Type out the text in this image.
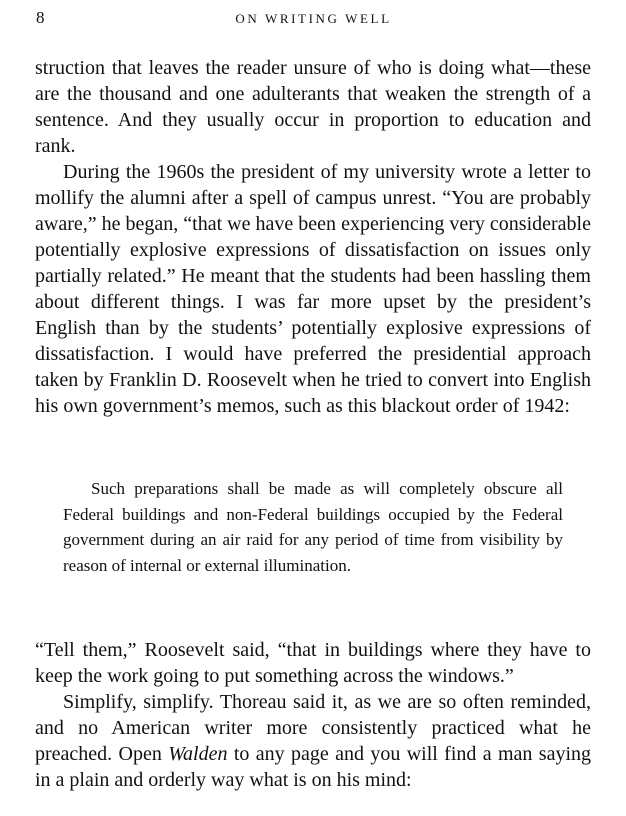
8	ON WRITING WELL

struction that leaves the reader unsure of who is doing what—these are the thousand and one adulterants that weaken the strength of a sentence. And they usually occur in proportion to education and rank.

During the 1960s the president of my university wrote a letter to mollify the alumni after a spell of campus unrest. “You are probably aware,” he began, “that we have been experiencing very considerable potentially explosive expressions of dissatisfaction on issues only partially related.” He meant that the students had been hassling them about different things. I was far more upset by the president’s English than by the students’ potentially explosive expressions of dissatisfaction. I would have preferred the presidential approach taken by Franklin D. Roosevelt when he tried to convert into English his own government’s memos, such as this blackout order of 1942:

Such preparations shall be made as will completely obscure all Federal buildings and non-Federal buildings occupied by the Federal government during an air raid for any period of time from visibility by reason of internal or external illumination.

“Tell them,” Roosevelt said, “that in buildings where they have to keep the work going to put something across the windows.”

Simplify, simplify. Thoreau said it, as we are so often reminded, and no American writer more consistently practiced what he preached. Open Walden to any page and you will find a man saying in a plain and orderly way what is on his mind:
